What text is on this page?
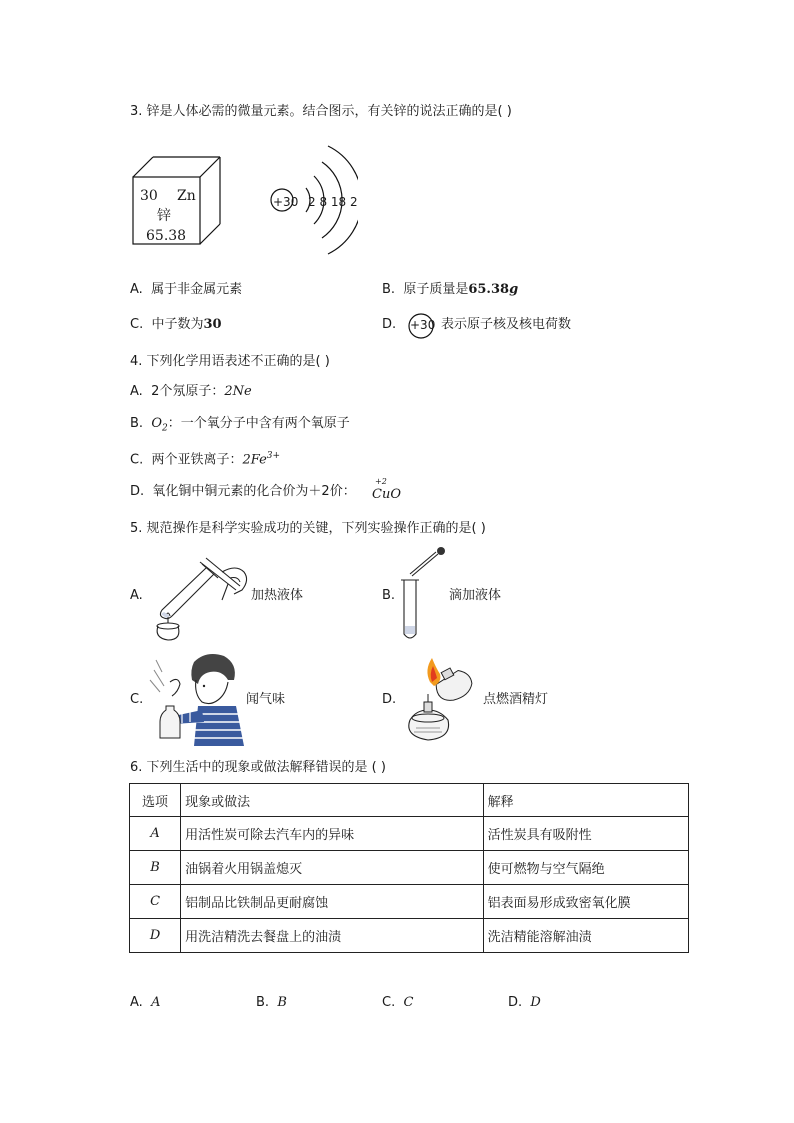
3. 锌是人体必需的微量元素。结合图示，有关锌的说法正确的是( )
30 Zn
锌
65.38
+30 2 8 18 2
A. 属于非金属元素	B. 原子质量是65.38g
C. 中子数为30	D. +30 表示原子核及核电荷数
4. 下列化学用语表述不正确的是( )
A. 2个氖原子：2Ne
B. $O_2$：一个氧分子中含有两个氧原子
C. 两个亚铁离子：$2Fe^{3+}$
D. 氧化铜中铜元素的化合价为＋2价：
+2
CuO
5. 规范操作是科学实验成功的关键，下列实验操作正确的是( )
A.	加热液体	B.	滴加液体
C.	闻气味	D.	点燃酒精灯
6. 下列生活中的现象或做法解释错误的是 ( )
选项	现象或做法	解释
A	用活性炭可除去汽车内的异味	活性炭具有吸附性
B	油锅着火用锅盖熄灭	使可燃物与空气隔绝
C	铝制品比铁制品更耐腐蚀	铝表面易形成致密氧化膜
D	用洗洁精洗去餐盘上的油渍	洗洁精能溶解油渍
A. A	B. B	C. C	D. D
